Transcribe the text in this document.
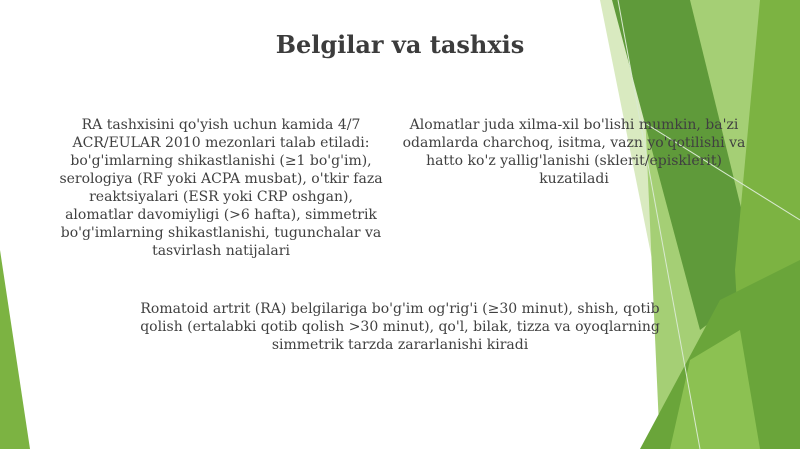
Belgilar va tashxis
RA tashxisini qo'yish uchun kamida 4/7 ACR/EULAR 2010 mezonlari talab etiladi: bo'g'imlarning shikastlanishi (≥1 bo'g'im), serologiya (RF yoki ACPA musbat), o'tkir faza reaktsiyalari (ESR yoki CRP oshgan), alomatlar davomiyligi (>6 hafta), simmetrik bo'g'imlarning shikastlanishi, tugunchalar va tasvirlash natijalari
Alomatlar juda xilma-xil bo'lishi mumkin, ba'zi odamlarda charchoq, isitma, vazn yo'qotilishi va hatto ko'z yallig'lanishi (sklerit/episklerit) kuzatiladi
Romatoid artrit (RA) belgilariga bo'g'im og'rig'i (≥30 minut), shish, qotib qolish (ertalabki qotib qolish >30 minut), qo'l, bilak, tizza va oyoqlarning simmetrik tarzda zararlanishi kiradi
